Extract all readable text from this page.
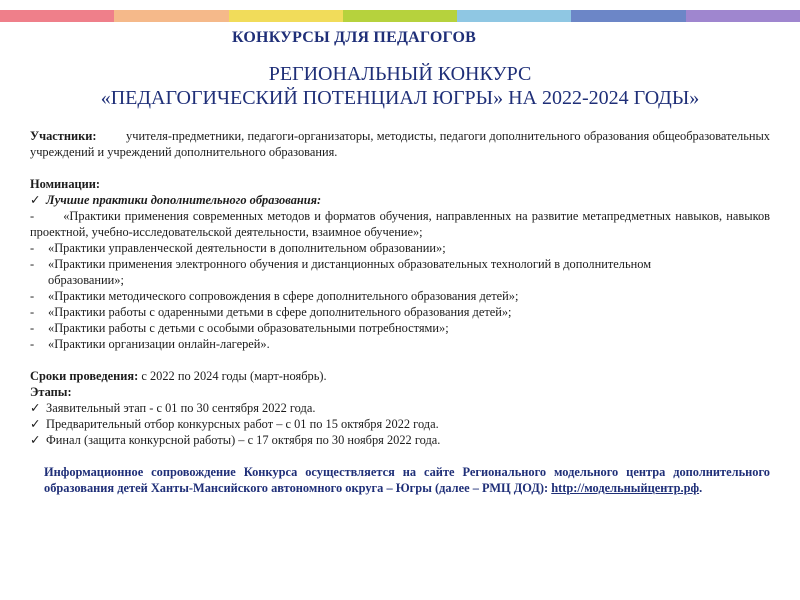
КОНКУРСЫ ДЛЯ ПЕДАГОГОВ
РЕГИОНАЛЬНЫЙ КОНКУРС
«ПЕДАГОГИЧЕСКИЙ ПОТЕНЦИАЛ ЮГРЫ» НА 2022-2024 ГОДЫ»
Участники: учителя-предметники, педагоги-организаторы, методисты, педагоги дополнительного образования общеобразовательных учреждений и учреждений дополнительного образования.
Номинации:
✓ Лучшие практики дополнительного образования:
- «Практики применения современных методов и форматов обучения, направленных на развитие метапредметных навыков, навыков проектной, учебно-исследовательской деятельности, взаимное обучение»;
-	«Практики управленческой деятельности в дополнительном образовании»;
-	«Практики применения электронного обучения и дистанционных образовательных технологий в дополнительном образовании»;
-	«Практики методического сопровождения в сфере дополнительного образования детей»;
-	«Практики работы с одаренными детьми в сфере дополнительного образования детей»;
-	«Практики работы с детьми с особыми образовательными потребностями»;
-	«Практики организации онлайн-лагерей».
Сроки проведения: с 2022 по 2024 годы (март-ноябрь).
Этапы:
✓ Заявительный этап - с 01 по 30 сентября 2022 года.
✓ Предварительный отбор конкурсных работ – с 01 по 15 октября 2022 года.
✓ Финал (защита конкурсной работы) – с 17 октября по 30 ноября 2022 года.
Информационное сопровождение Конкурса осуществляется на сайте Регионального модельного центра дополнительного образования детей Ханты-Мансийского автономного округа – Югры (далее – РМЦ ДОД): http://модельныйцентр.рф.
